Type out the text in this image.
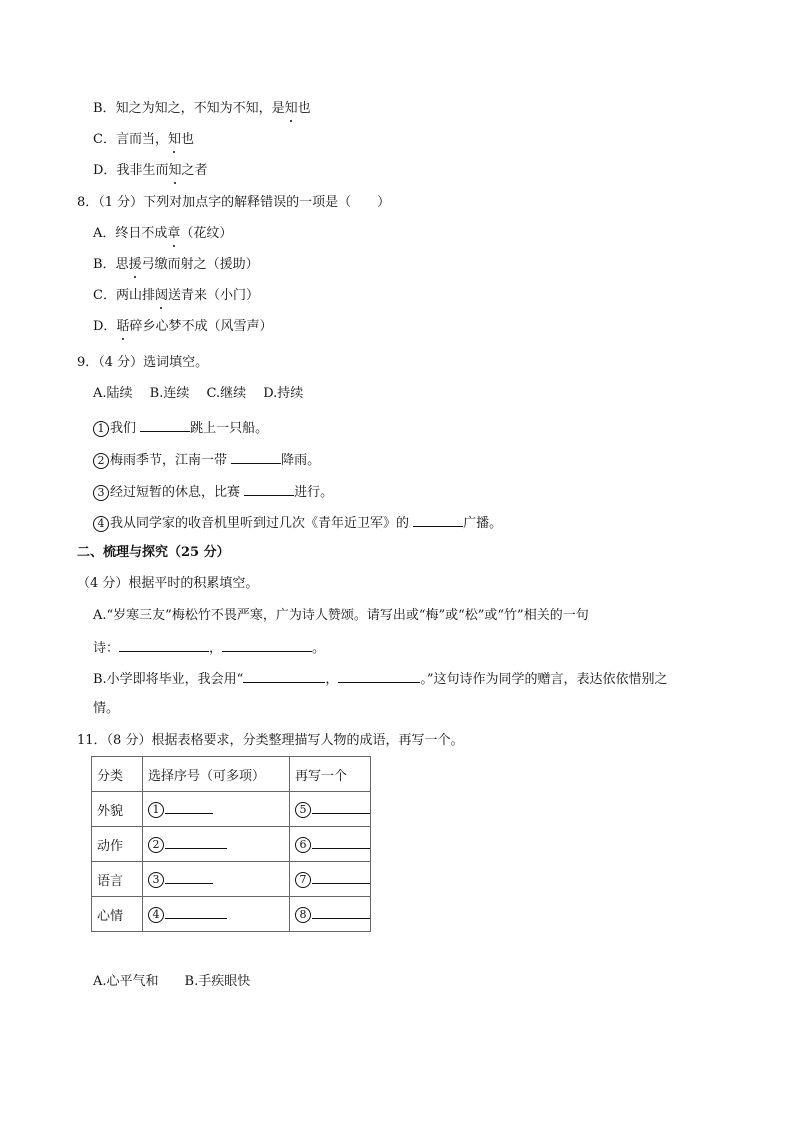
B．知之为知之，不知为不知，是知也
C．言而当，知也
D．我非生而知之者
8．（1 分）下列对加点字的解释错误的一项是（　　）
A．终日不成章（花纹）
B．思援弓缴而射之（援助）
C．两山排闼送青来（小门）
D．聒碎乡心梦不成（风雪声）
9．（4 分）选词填空。
A.陆续　 B.连续　 C.继续　 D.持续
1 我们	跳上一只船。
2 梅雨季节，江南一带	降雨。
3 经过短暂的休息，比赛	进行。
4 我从同学家的收音机里听到过几次《青年近卫军》的	广播。
二、梳理与探究（25 分）
（4 分）根据平时的积累填空。
A.“岁寒三友”梅松竹不畏严寒，广为诗人赞颂。请写出或“梅”或“松”或“竹”相关的一句
诗：	，	。
B.小学即将毕业，我会用“	，	。”这句诗作为同学的赠言，表达依依惜别之
情。
11．（8 分）根据表格要求，分类整理描写人物的成语，再写一个。
分类	选择序号（可多项）	再写一个
外貌	1	5
动作	2	6
语言	3	7
心情	4	8
A.心平气和　　B.手疾眼快
